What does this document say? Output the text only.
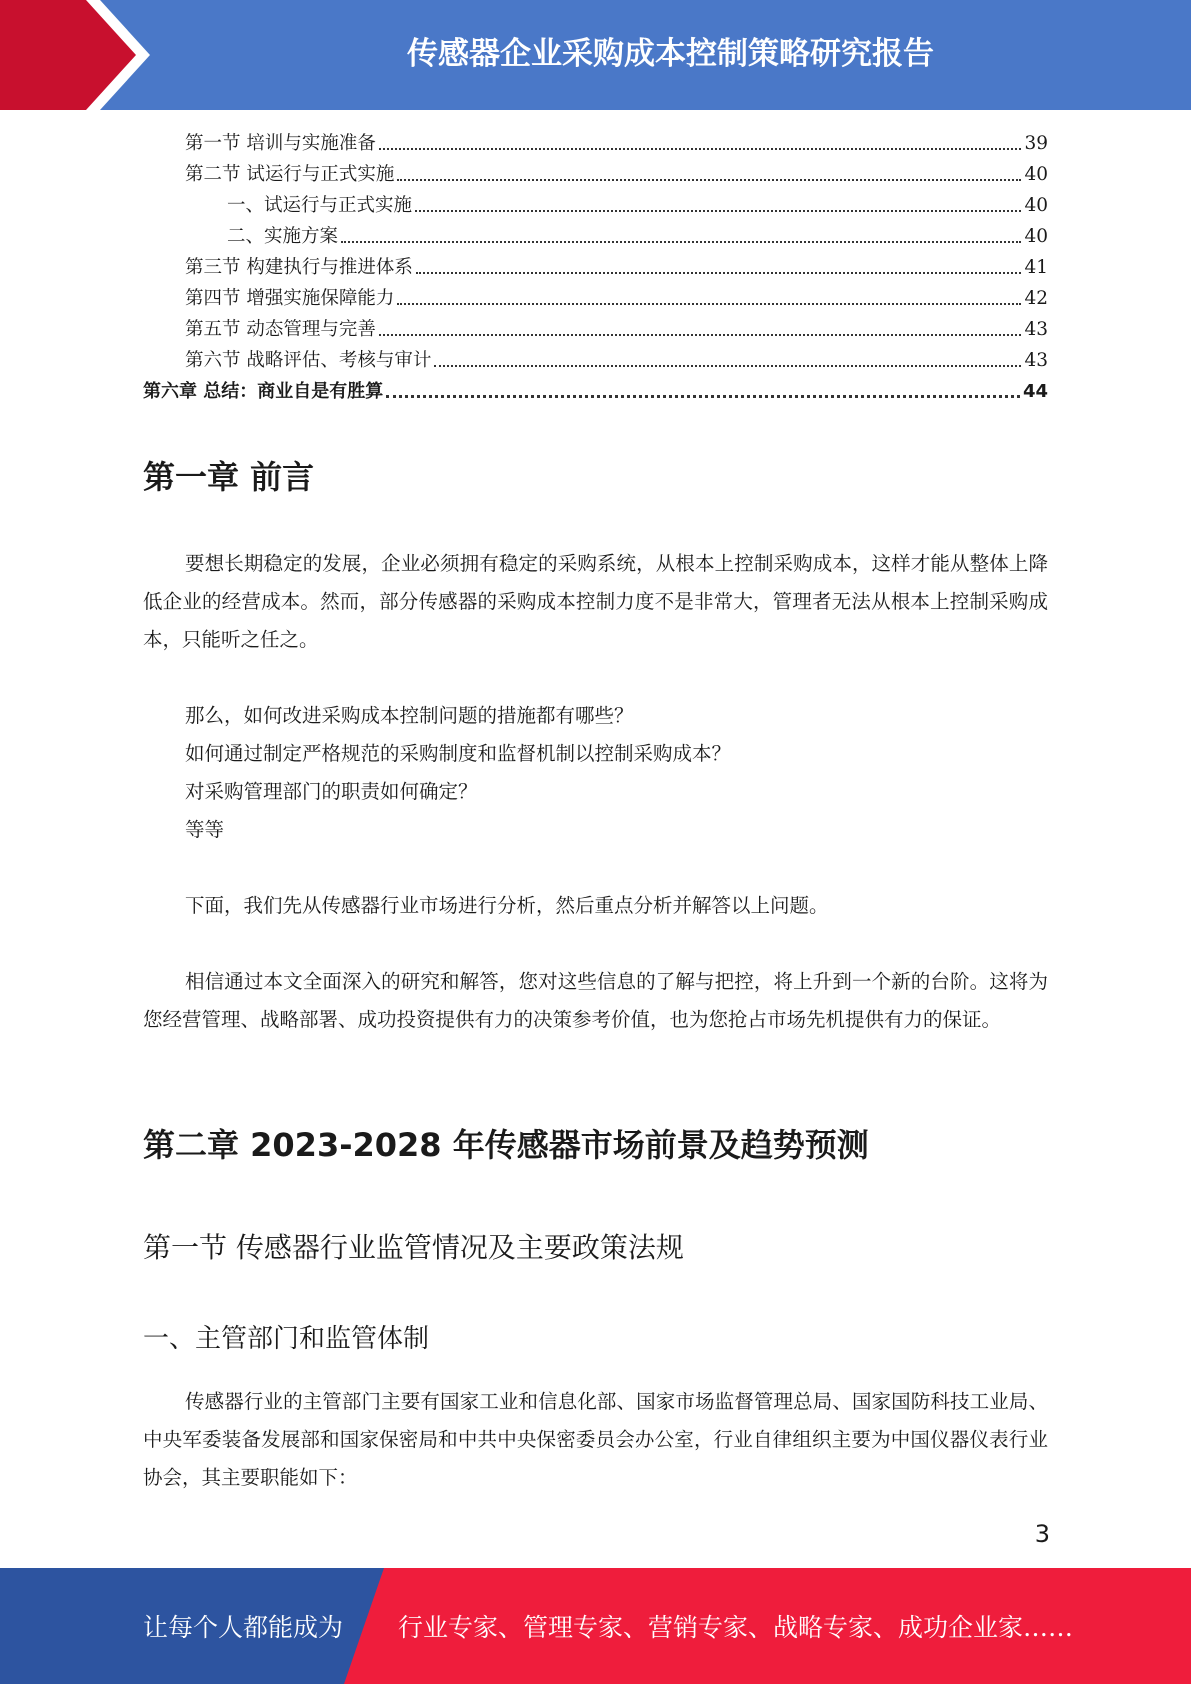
传感器企业采购成本控制策略研究报告
第一节 培训与实施准备	39
第二节 试运行与正式实施	40
一、试运行与正式实施	40
二、实施方案	40
第三节 构建执行与推进体系	41
第四节 增强实施保障能力	42
第五节 动态管理与完善	43
第六节 战略评估、考核与审计	43
第六章 总结：商业自是有胜算	44
第一章 前言

要想长期稳定的发展，企业必须拥有稳定的采购系统，从根本上控制采购成本，这样才能从整体上降低企业的经营成本。然而，部分传感器的采购成本控制力度不是非常大，管理者无法从根本上控制采购成本，只能听之任之。

那么，如何改进采购成本控制问题的措施都有哪些？

如何通过制定严格规范的采购制度和监督机制以控制采购成本？

对采购管理部门的职责如何确定？

等等

下面，我们先从传感器行业市场进行分析，然后重点分析并解答以上问题。

相信通过本文全面深入的研究和解答，您对这些信息的了解与把控，将上升到一个新的台阶。这将为您经营管理、战略部署、成功投资提供有力的决策参考价值，也为您抢占市场先机提供有力的保证。

第二章 2023-2028 年传感器市场前景及趋势预测
第一节 传感器行业监管情况及主要政策法规
一、主管部门和监管体制

传感器行业的主管部门主要有国家工业和信息化部、国家市场监督管理总局、国家国防科技工业局、中央军委装备发展部和国家保密局和中共中央保密委员会办公室，行业自律组织主要为中国仪器仪表行业协会，其主要职能如下：

3
让每个人都能成为 行业专家、管理专家、营销专家、战略专家、成功企业家……
